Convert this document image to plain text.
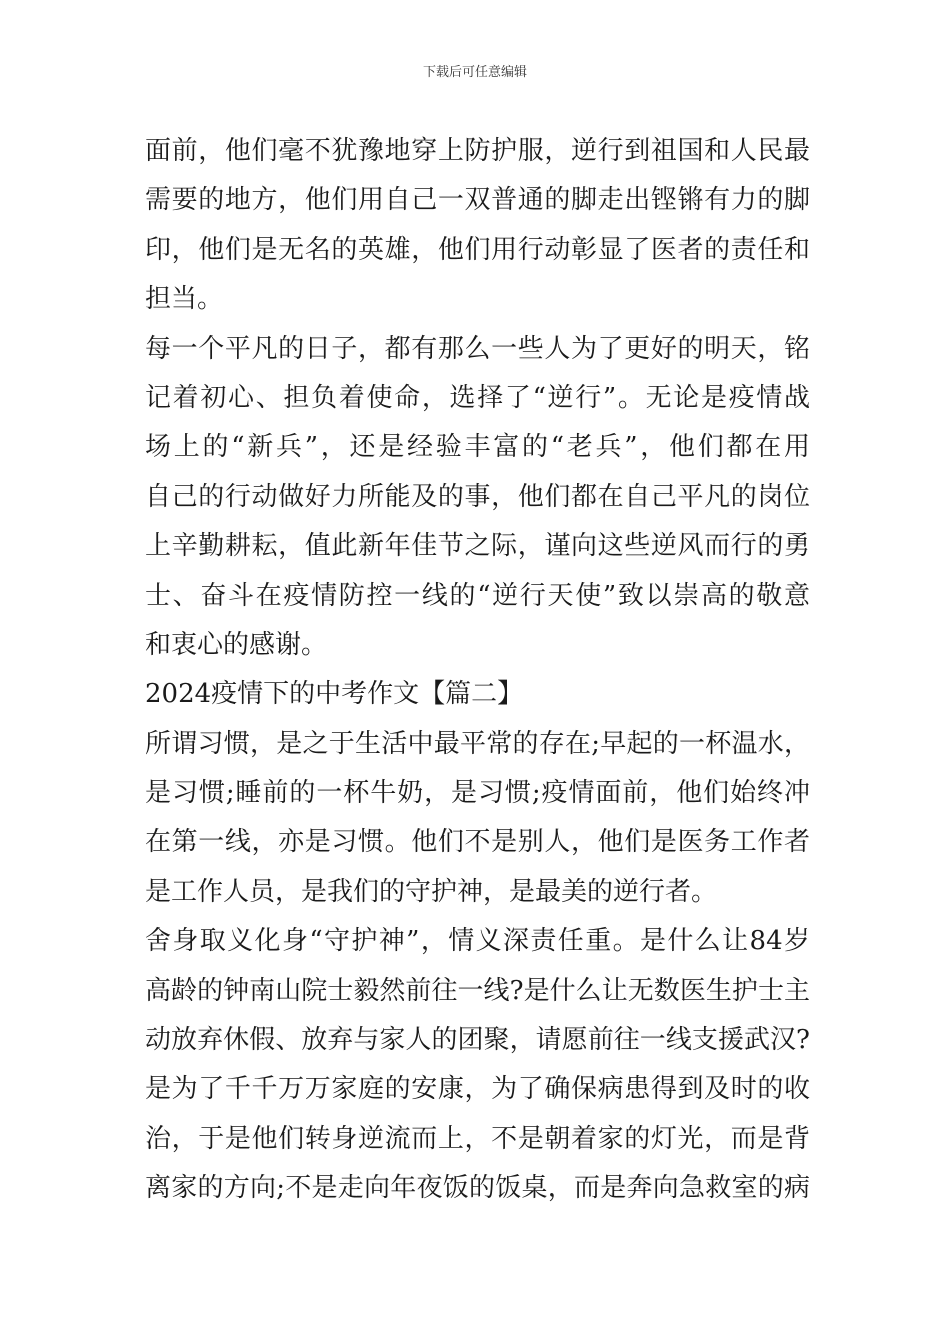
下载后可任意编辑
面前，他们毫不犹豫地穿上防护服，逆行到祖国和人民最
需要的地方，他们用自己一双普通的脚走出铿锵有力的脚
印，他们是无名的英雄，他们用行动彰显了医者的责任和
担当。
每一个平凡的日子，都有那么一些人为了更好的明天，铭
记着初心、担负着使命，选择了“逆行”。无论是疫情战
场上的“新兵”，还是经验丰富的“老兵”，他们都在用
自己的行动做好力所能及的事，他们都在自己平凡的岗位
上辛勤耕耘，值此新年佳节之际，谨向这些逆风而行的勇
士、奋斗在疫情防控一线的“逆行天使”致以崇高的敬意
和衷心的感谢。
2024疫情下的中考作文【篇二】
所谓习惯，是之于生活中最平常的存在;早起的一杯温水，
是习惯;睡前的一杯牛奶，是习惯;疫情面前，他们始终冲
在第一线，亦是习惯。他们不是别人，他们是医务工作者
是工作人员，是我们的守护神，是最美的逆行者。
舍身取义化身“守护神”，情义深责任重。是什么让84岁
高龄的钟南山院士毅然前往一线?是什么让无数医生护士主
动放弃休假、放弃与家人的团聚，请愿前往一线支援武汉?
是为了千千万万家庭的安康，为了确保病患得到及时的收
治，于是他们转身逆流而上，不是朝着家的灯光，而是背
离家的方向;不是走向年夜饭的饭桌，而是奔向急救室的病
